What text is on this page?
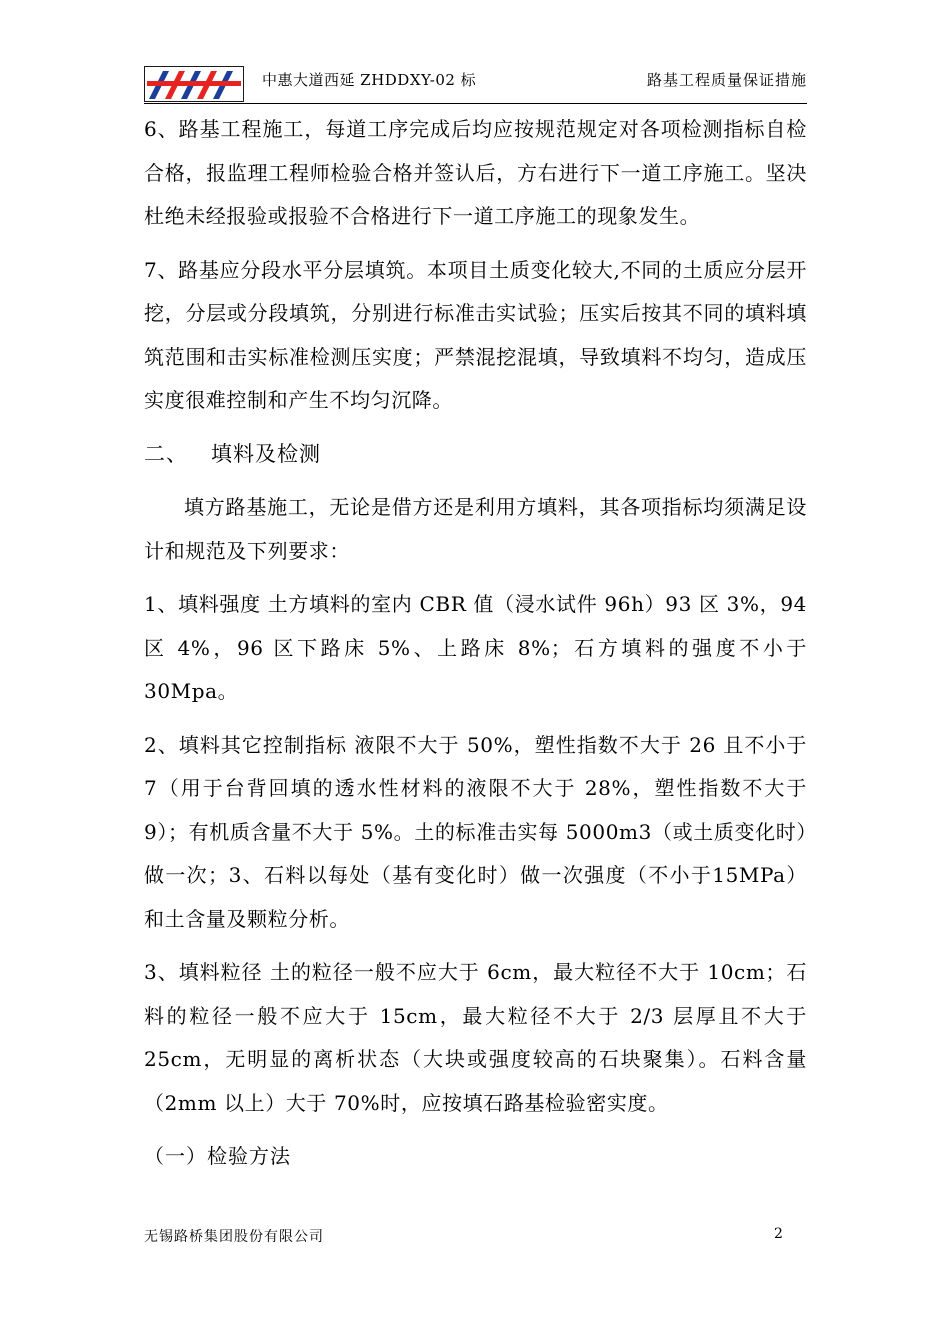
中惠大道西延 ZHDDXY-02 标	路基工程质量保证措施

6、路基工程施工，每道工序完成后均应按规范规定对各项检测指标自检合格，报监理工程师检验合格并签认后，方右进行下一道工序施工。坚决杜绝未经报验或报验不合格进行下一道工序施工的现象发生。

7、路基应分段水平分层填筑。本项目土质变化较大,不同的土质应分层开挖，分层或分段填筑，分别进行标准击实试验；压实后按其不同的填料填筑范围和击实标准检测压实度；严禁混挖混填，导致填料不均匀，造成压实度很难控制和产生不均匀沉降。

二、   填料及检测

填方路基施工，无论是借方还是利用方填料，其各项指标均须满足设计和规范及下列要求：

1、填料强度 土方填料的室内 CBR 值（浸水试件 96h）93 区 3%，94 区 4%，96 区下路床 5%、上路床 8%；石方填料的强度不小于 30Mpa。

2、填料其它控制指标 液限不大于 50%，塑性指数不大于 26 且不小于 7（用于台背回填的透水性材料的液限不大于 28%，塑性指数不大于 9）；有机质含量不大于 5%。土的标准击实每 5000m3（或土质变化时）做一次；3、石料以每处（基有变化时）做一次强度（不小于15MPa）和土含量及颗粒分析。

3、填料粒径 土的粒径一般不应大于 6cm，最大粒径不大于 10cm；石料的粒径一般不应大于 15cm，最大粒径不大于 2/3 层厚且不大于25cm，无明显的离析状态（大块或强度较高的石块聚集）。石料含量（2mm 以上）大于 70%时，应按填石路基检验密实度。

（一）检验方法

无锡路桥集团股份有限公司	2
